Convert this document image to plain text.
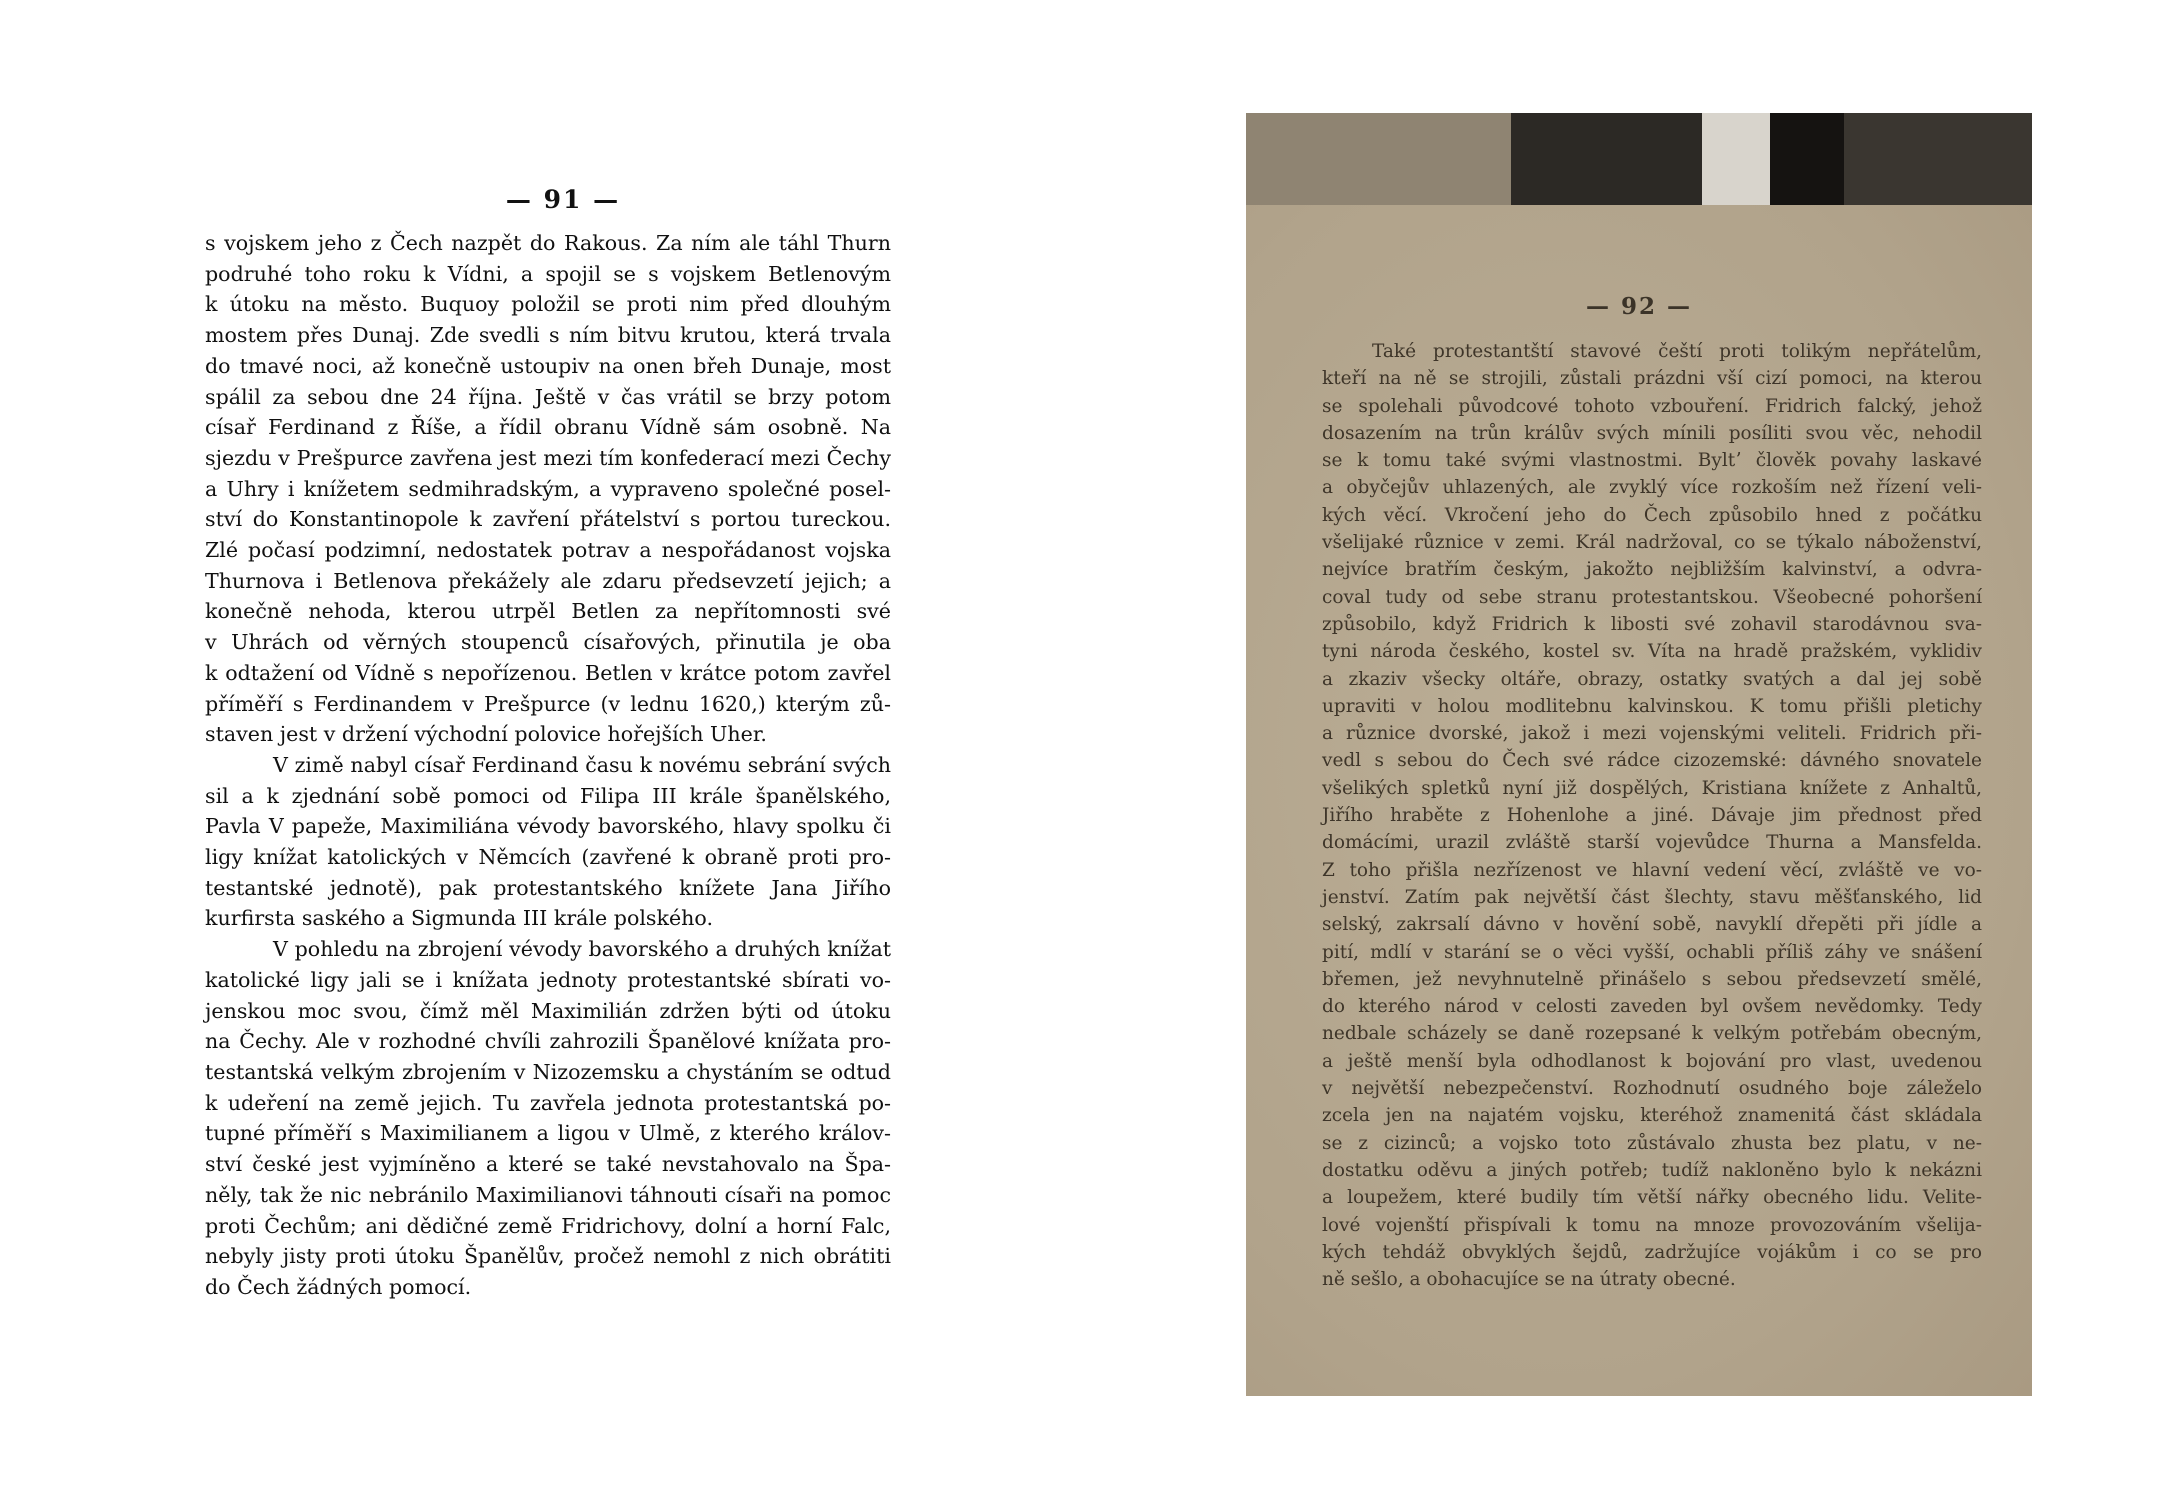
— 91 —

s vojskem jeho z Čech nazpět do Rakous. Za ním ale táhl Thurn
podruhé toho roku k Vídni, a spojil se s vojskem Betlenovým
k útoku na město. Buquoy položil se proti nim před dlouhým
mostem přes Dunaj. Zde svedli s ním bitvu krutou, která trvala
do tmavé noci, až konečně ustoupiv na onen břeh Dunaje, most
spálil za sebou dne 24 října. Ještě v čas vrátil se brzy potom
císař Ferdinand z Říše, a řídil obranu Vídně sám osobně. Na
sjezdu v Prešpurce zavřena jest mezi tím konfederací mezi Čechy
a Uhry i knížetem sedmihradským, a vypraveno společné posel-
ství do Konstantinopole k zavření přátelství s portou tureckou.
Zlé počasí podzimní, nedostatek potrav a nespořádanost vojska
Thurnova i Betlenova překážely ale zdaru předsevzetí jejich; a
konečně nehoda, kterou utrpěl Betlen za nepřítomnosti své
v Uhrách od věrných stoupenců císařových, přinutila je oba
k odtažení od Vídně s nepořízenou. Betlen v krátce potom zavřel
příměří s Ferdinandem v Prešpurce (v lednu 1620,) kterým zů-
staven jest v držení východní polovice hořejších Uher.

V zimě nabyl císař Ferdinand času k novému sebrání svých
sil a k zjednání sobě pomoci od Filipa III krále španělského,
Pavla V papeže, Maximiliána vévody bavorského, hlavy spolku či
ligy knížat katolických v Němcích (zavřené k obraně proti pro-
testantské jednotě), pak protestantského knížete Jana Jiřího
kurfirsta saského a Sigmunda III krále polského.

V pohledu na zbrojení vévody bavorského a druhých knížat
katolické ligy jali se i knížata jednoty protestantské sbírati vo-
jenskou moc svou, čímž měl Maximilián zdržen býti od útoku
na Čechy. Ale v rozhodné chvíli zahrozili Španělové knížata pro-
testantská velkým zbrojením v Nizozemsku a chystáním se odtud
k udeření na země jejich. Tu zavřela jednota protestantská po-
tupné příměří s Maximilianem a ligou v Ulmě, z kterého králov-
ství české jest vyjmíněno a které se také nevstahovalo na Špa-
něly, tak že nic nebránilo Maximilianovi táhnouti císaři na pomoc
proti Čechům; ani dědičné země Fridrichovy, dolní a horní Falc,
nebyly jisty proti útoku Španělův, pročež nemohl z nich obrátiti
do Čech žádných pomocí.

— 92 —
Také protestantští stavové čeští proti tolikým nepřátelům,
kteří na ně se strojili, zůstali prázdni vší cizí pomoci, na kterou
se spolehali původcové tohoto vzbouření. Fridrich falcký, jehož
dosazením na trůn králův svých mínili posíliti svou věc, nehodil
se k tomu také svými vlastnostmi. Byltʼ člověk povahy laskavé
a obyčejův uhlazených, ale zvyklý více rozkoším než řízení veli-
kých věcí. Vkročení jeho do Čech způsobilo hned z počátku
všelijaké různice v zemi. Král nadržoval, co se týkalo náboženství,
nejvíce bratřím českým, jakožto nejbližším kalvinství, a odvra-
coval tudy od sebe stranu protestantskou. Všeobecné pohoršení
způsobilo, když Fridrich k libosti své zohavil starodávnou sva-
tyni národa českého, kostel sv. Víta na hradě pražském, vyklidiv
a zkaziv všecky oltáře, obrazy, ostatky svatých a dal jej sobě
upraviti v holou modlitebnu kalvinskou. K tomu přišli pletichy
a různice dvorské, jakož i mezi vojenskými veliteli. Fridrich při-
vedl s sebou do Čech své rádce cizozemské: dávného snovatele
všelikých spletků nyní již dospělých, Kristiana knížete z Anhaltů,
Jiřího hraběte z Hohenlohe a jiné. Dávaje jim přednost před
domácími, urazil zvláště starší vojevůdce Thurna a Mansfelda.
Z toho přišla nezřízenost ve hlavní vedení věcí, zvláště ve vo-
jenství. Zatím pak největší část šlechty, stavu měšťanského, lid
selský, zakrsalí dávno v hovění sobě, navyklí dřepěti při jídle a
pití, mdlí v starání se o věci vyšší, ochabli příliš záhy ve snášení
břemen, jež nevyhnutelně přinášelo s sebou předsevzetí smělé,
do kterého národ v celosti zaveden byl ovšem nevědomky. Tedy
nedbale scházely se daně rozepsané k velkým potřebám obecným,
a ještě menší byla odhodlanost k bojování pro vlast, uvedenou
v největší nebezpečenství. Rozhodnutí osudného boje záleželo
zcela jen na najatém vojsku, kteréhož znamenitá část skládala
se z cizinců; a vojsko toto zůstávalo zhusta bez platu, v ne-
dostatku oděvu a jiných potřeb; tudíž nakloněno bylo k nekázni
a loupežem, které budily tím větší nářky obecného lidu. Velite-
lové vojenští přispívali k tomu na mnoze provozováním všelija-
kých tehdáž obvyklých šejdů, zadržujíce vojákům i co se pro
ně sešlo, a obohacujíce se na útraty obecné.
